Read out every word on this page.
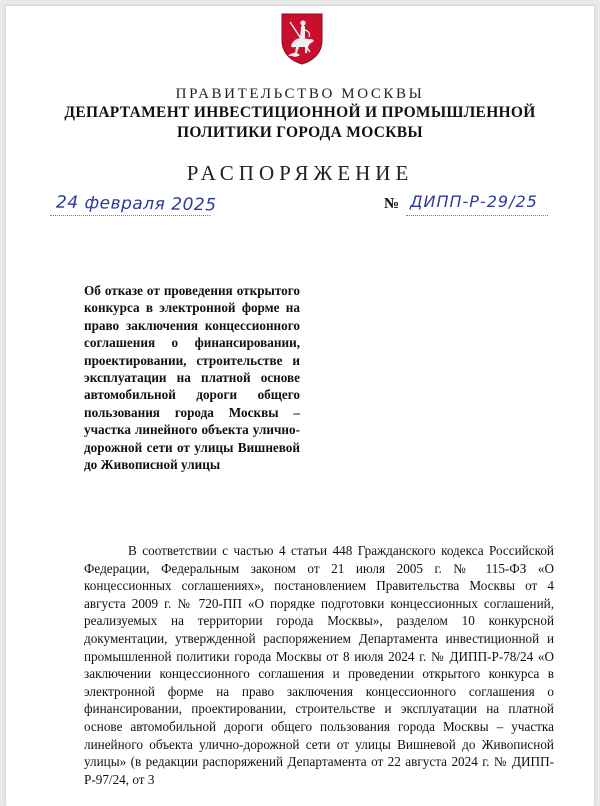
ПРАВИТЕЛЬСТВО МОСКВЫ
ДЕПАРТАМЕНТ ИНВЕСТИЦИОННОЙ И ПРОМЫШЛЕННОЙ
ПОЛИТИКИ ГОРОДА МОСКВЫ
РАСПОРЯЖЕНИЕ
24 февраля 2025	№ ДИПП-Р-29/25
Об отказе от проведения открытого конкурса в электронной форме на право заключения концессионного соглашения о финансировании, проектировании, строительстве и эксплуатации на платной основе автомобильной дороги общего пользования города Москвы – участка линейного объекта улично-дорожной сети от улицы Вишневой до Живописной улицы
В соответствии с частью 4 статьи 448 Гражданского кодекса Российской Федерации, Федеральным законом от 21 июля 2005 г. № 115-ФЗ «О концессионных соглашениях», постановлением Правительства Москвы от 4 августа 2009 г. № 720-ПП «О порядке подготовки концессионных соглашений, реализуемых на территории города Москвы», разделом 10 конкурсной документации, утвержденной распоряжением Департамента инвестиционной и промышленной политики города Москвы от 8 июля 2024 г. № ДИПП-Р-78/24 «О заключении концессионного соглашения и проведении открытого конкурса в электронной форме на право заключения концессионного соглашения о финансировании, проектировании, строительстве и эксплуатации на платной основе автомобильной дороги общего пользования города Москвы – участка линейного объекта улично-дорожной сети от улицы Вишневой до Живописной улицы» (в редакции распоряжений Департамента от 22 августа 2024 г. № ДИПП-Р-97/24, от 3
